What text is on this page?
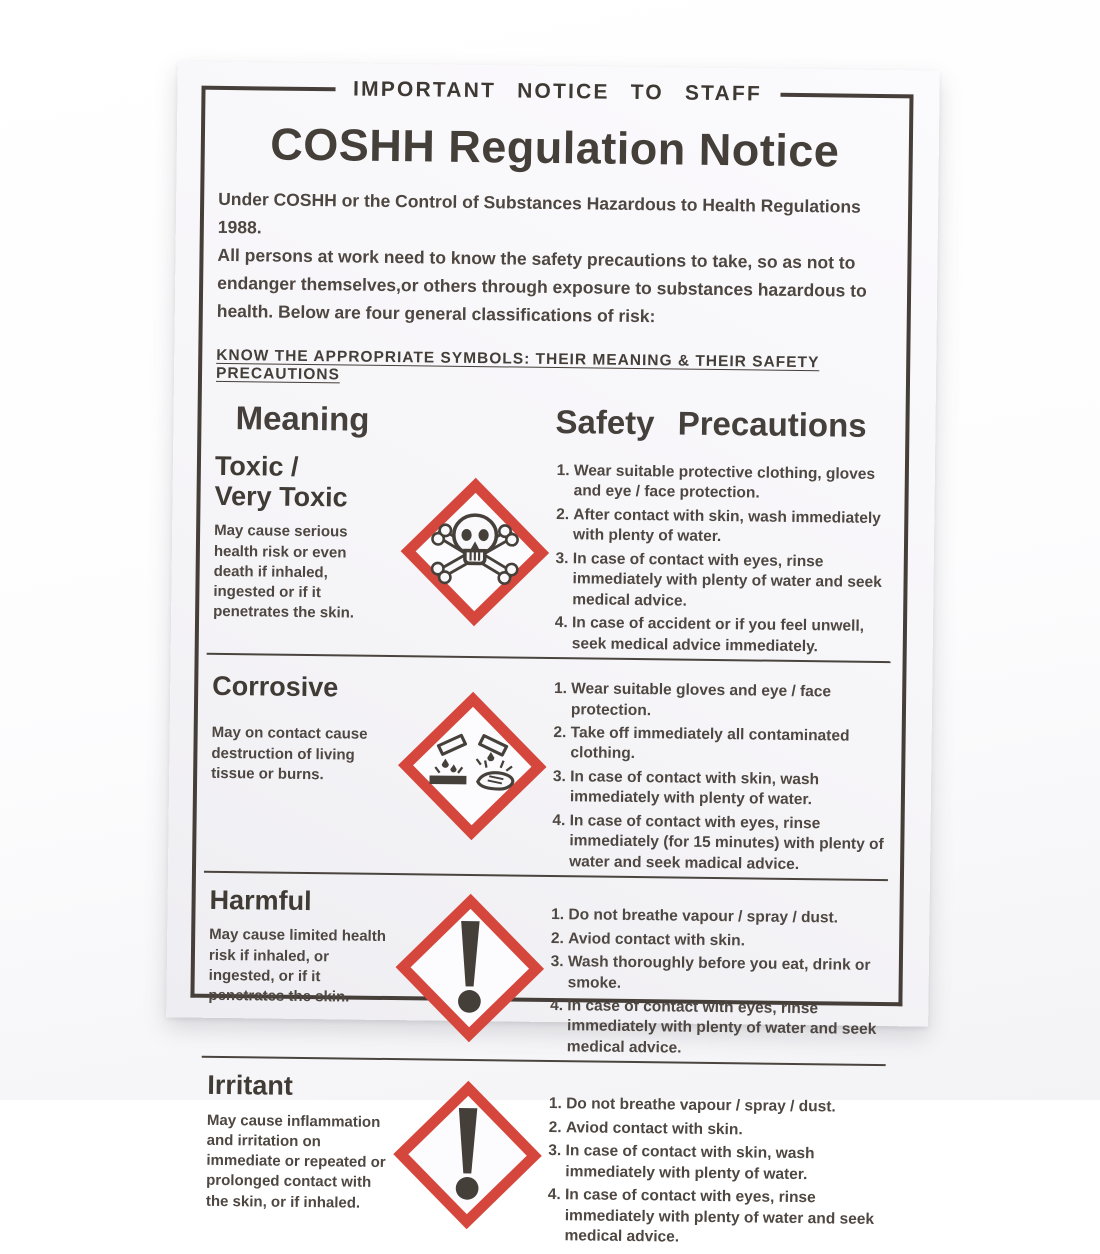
IMPORTANT NOTICE TO STAFF
COSHH Regulation Notice
Under COSHH or the Control of Substances Hazardous to Health Regulations 1988.
All persons at work need to know the safety precautions to take, so as not to
endanger themselves,or others through exposure to substances hazardous to
health. Below are four general classifications of risk:
KNOW THE APPROPRIATE SYMBOLS: THEIR MEANING & THEIR SAFETY PRECAUTIONS
Meaning	Safety Precautions
Toxic /
Very Toxic
May cause serious health risk or even death if inhaled, ingested or if it penetrates the skin.
1. Wear suitable protective clothing, gloves and eye / face protection.
2. After contact with skin, wash immediately with plenty of water.
3. In case of contact with eyes, rinse immediately with plenty of water and seek medical advice.
4. In case of accident or if you feel unwell, seek medical advice immediately.
Corrosive
May on contact cause destruction of living tissue or burns.
1. Wear suitable gloves and eye / face protection.
2. Take off immediately all contaminated clothing.
3. In case of contact with skin, wash immediately with plenty of water.
4. In case of contact with eyes, rinse immediately (for 15 minutes) with plenty of water and seek madical advice.
Harmful
May cause limited health risk if inhaled, or ingested, or if it penetrates the skin.
1. Do not breathe vapour / spray / dust.
2. Aviod contact with skin.
3. Wash thoroughly before you eat, drink or smoke.
4. In case of contact with eyes, rinse immediately with plenty of water and seek medical advice.
Irritant
May cause inflammation and irritation on immediate or repeated or prolonged contact with the skin, or if inhaled.
1. Do not breathe vapour / spray / dust.
2. Aviod contact with skin.
3. In case of contact with skin, wash immediately with plenty of water.
4. In case of contact with eyes, rinse immediately with plenty of water and seek medical advice.
